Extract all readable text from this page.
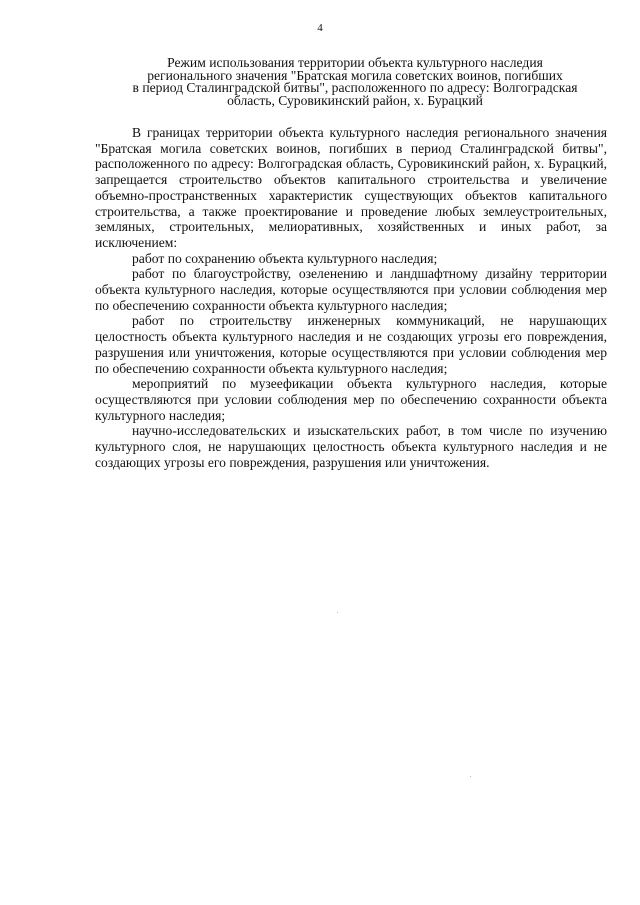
4
Режим использования территории объекта культурного наследия
регионального значения "Братская могила советских воинов, погибших
в период Сталинградской битвы", расположенного по адресу: Волгоградская
область, Суровикинский район, х. Бурацкий

В границах территории объекта культурного наследия регионального значения "Братская могила советских воинов, погибших в период Сталинградской битвы", расположенного по адресу: Волгоградская область, Суровикинский район, х. Бурацкий, запрещается строительство объектов капитального строительства и увеличение объемно-пространственных характеристик существующих объектов капитального строительства, а также проектирование и проведение любых землеустроительных, земляных, строительных, мелиоративных, хозяйственных и иных работ, за исключением:

работ по сохранению объекта культурного наследия;

работ по благоустройству, озеленению и ландшафтному дизайну территории объекта культурного наследия, которые осуществляются при условии соблюдения мер по обеспечению сохранности объекта культурного наследия;

работ по строительству инженерных коммуникаций, не нарушающих целостность объекта культурного наследия и не создающих угрозы его повреждения, разрушения или уничтожения, которые осуществляются при условии соблюдения мер по обеспечению сохранности объекта культурного наследия;

мероприятий по музеефикации объекта культурного наследия, которые осуществляются при условии соблюдения мер по обеспечению сохранности объекта культурного наследия;

научно-исследовательских и изыскательских работ, в том числе по изучению культурного слоя, не нарушающих целостность объекта культурного наследия и не создающих угрозы его повреждения, разрушения или уничтожения.
